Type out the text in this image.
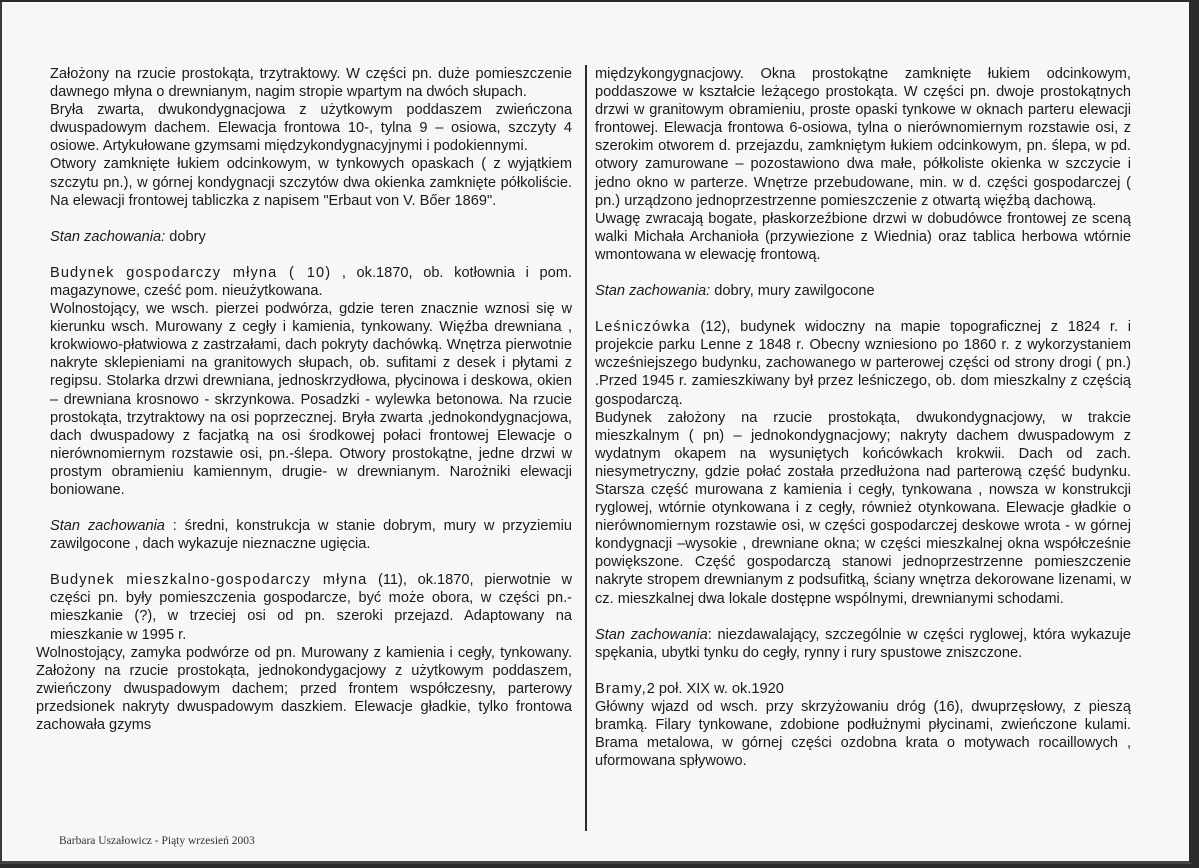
Założony na rzucie prostokąta, trzytraktowy. W części pn. duże pomieszczenie dawnego młyna o drewnianym, nagim stropie wpartym na dwóch słupach.

Bryła zwarta, dwukondygnacjowa z użytkowym poddaszem zwieńczona dwuspadowym dachem. Elewacja frontowa 10-, tylna 9 – osiowa, szczyty 4 osiowe. Artykułowane gzymsami międzykondygnacyjnymi i podokiennymi.

Otwory zamknięte łukiem odcinkowym, w tynkowych opaskach ( z wyjątkiem szczytu pn.), w górnej kondygnacji szczytów dwa okienka zamknięte półkoliście. Na elewacji frontowej tabliczka z napisem "Erbaut von V. Bőer 1869".

Stan zachowania: dobry

Budynek gospodarczy młyna ( 10) , ok.1870, ob. kotłownia i pom. magazynowe, cześć pom. nieużytkowana.

Wolnostojący, we wsch. pierzei podwórza, gdzie teren znacznie wznosi się w kierunku wsch. Murowany z cegły i kamienia, tynkowany. Więźba drewniana , krokwiowo-płatwiowa z zastrzałami, dach pokryty dachówką. Wnętrza pierwotnie nakryte sklepieniami na granitowych słupach, ob. sufitami z desek i płytami z regipsu. Stolarka drzwi drewniana, jednoskrzydłowa, płycinowa i deskowa, okien – drewniana krosnowo - skrzynkowa. Posadzki - wylewka betonowa. Na rzucie prostokąta, trzytraktowy na osi poprzecznej. Bryła zwarta ,jednokondygnacjowa, dach dwuspadowy z facjatką na osi środkowej połaci frontowej Elewacje o nierównomiernym rozstawie osi, pn.-ślepa. Otwory prostokątne, jedne drzwi w prostym obramieniu kamiennym, drugie- w drewnianym. Narożniki elewacji boniowane.

Stan zachowania : średni, konstrukcja w stanie dobrym, mury w przyziemiu zawilgocone , dach wykazuje nieznaczne ugięcia.

Budynek mieszkalno-gospodarczy młyna (11), ok.1870, pierwotnie w części pn. były pomieszczenia gospodarcze, być może obora, w części pn.-mieszkanie (?), w trzeciej osi od pn. szeroki przejazd. Adaptowany na mieszkanie w 1995 r.

Wolnostojący, zamyka podwórze od pn. Murowany z kamienia i cegły, tynkowany. Założony na rzucie prostokąta, jednokondygacjowy z użytkowym poddaszem, zwieńczony dwuspadowym dachem; przed frontem współczesny, parterowy przedsionek nakryty dwuspadowym daszkiem. Elewacje gładkie, tylko frontowa zachowała gzyms

międzykongygnacjowy. Okna prostokątne zamknięte łukiem odcinkowym, poddaszowe w kształcie leżącego prostokąta. W części pn. dwoje prostokątnych drzwi w granitowym obramieniu, proste opaski tynkowe w oknach parteru elewacji frontowej. Elewacja frontowa 6-osiowa, tylna o nierównomiernym rozstawie osi, z szerokim otworem d. przejazdu, zamkniętym łukiem odcinkowym, pn. ślepa, w pd. otwory zamurowane – pozostawiono dwa małe, półkoliste okienka w szczycie i jedno okno w parterze. Wnętrze przebudowane, min. w d. części gospodarczej ( pn.) urządzono jednoprzestrzenne pomieszczenie z otwartą więźbą dachową.

Uwagę zwracają bogate, płaskorzeźbione drzwi w dobudówce frontowej ze sceną walki Michała Archanioła (przywiezione z Wiednia) oraz tablica herbowa wtórnie wmontowana w elewację frontową.

Stan zachowania: dobry, mury zawilgocone

Leśniczówka (12), budynek widoczny na mapie topograficznej z 1824 r. i projekcie parku Lenne z 1848 r. Obecny wzniesiono po 1860 r. z wykorzystaniem wcześniejszego budynku, zachowanego w parterowej części od strony drogi ( pn.) .Przed 1945 r. zamieszkiwany był przez leśniczego, ob. dom mieszkalny z częścią gospodarczą.

Budynek założony na rzucie prostokąta, dwukondygnacjowy, w trakcie mieszkalnym ( pn) – jednokondygnacjowy; nakryty dachem dwuspadowym z wydatnym okapem na wysuniętych końcówkach krokwii. Dach od zach. niesymetryczny, gdzie połać została przedłużona nad parterową część budynku. Starsza część murowana z kamienia i cegły, tynkowana , nowsza w konstrukcji ryglowej, wtórnie otynkowana i z cegły, również otynkowana. Elewacje gładkie o nierównomiernym rozstawie osi, w części gospodarczej deskowe wrota - w górnej kondygnacji –wysokie , drewniane okna; w części mieszkalnej okna współcześnie powiększone. Część gospodarczą stanowi jednoprzestrzenne pomieszczenie nakryte stropem drewnianym z podsufitką, ściany wnętrza dekorowane lizenami, w cz. mieszkalnej dwa lokale dostępne wspólnymi, drewnianymi schodami.

Stan zachowania: niezdawalający, szczególnie w części ryglowej, która wykazuje spękania, ubytki tynku do cegły, rynny i rury spustowe zniszczone.

Bramy,2 poł. XIX w. ok.1920

Główny wjazd od wsch. przy skrzyżowaniu dróg (16), dwuprzęsłowy, z pieszą bramką. Filary tynkowane, zdobione podłużnymi płycinami, zwieńczone kulami. Brama metalowa, w górnej części ozdobna krata o motywach rocaillowych , uformowana spływowo.

Barbara Uszałowicz - Piąty wrzesień 2003
